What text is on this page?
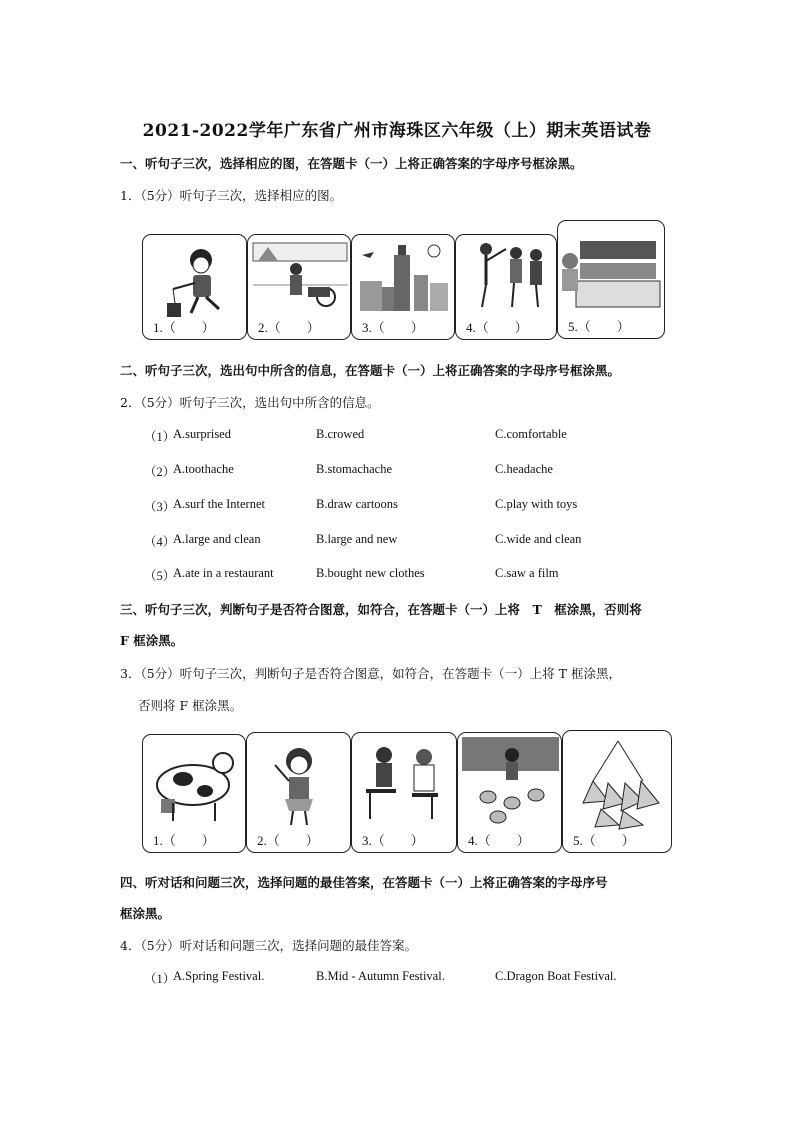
2021-2022学年广东省广州市海珠区六年级（上）期末英语试卷
一、听句子三次，选择相应的图，在答题卡（一）上将正确答案的字母序号框涂黑。
1．（5分）听句子三次，选择相应的图。
1.（　　）	2.（　　）	3.（　　）	4.（　　）	5.（　　）
二、听句子三次，选出句中所含的信息，在答题卡（一）上将正确答案的字母序号框涂黑。
2．（5分）听句子三次，选出句中所含的信息。
（1）
A.surprised	B.crowed	C.comfortable
（2）
A.toothache	B.stomachache	C.headache
（3）
A.surf the Internet	B.draw cartoons	C.play with toys
（4）
A.large and clean	B.large and new	C.wide and clean
（5）
A.ate in a restaurant	B.bought new clothes	C.saw a film
三、听句子三次，判断句子是否符合图意，如符合，在答题卡（一）上将　T　框涂黑，否则将
F 框涂黑。
3．（5分）听句子三次，判断句子是否符合图意，如符合，在答题卡（一）上将 T 框涂黑，
否则将 F 框涂黑。
1.（　　）	2.（　　）	3.（　　）	4.（　　）	5.（　　）
四、听对话和问题三次，选择问题的最佳答案，在答题卡（一）上将正确答案的字母序号
框涂黑。
4．（5分）听对话和问题三次，选择问题的最佳答案。
（1）
A.Spring Festival.	B.Mid - Autumn Festival.	C.Dragon Boat Festival.
